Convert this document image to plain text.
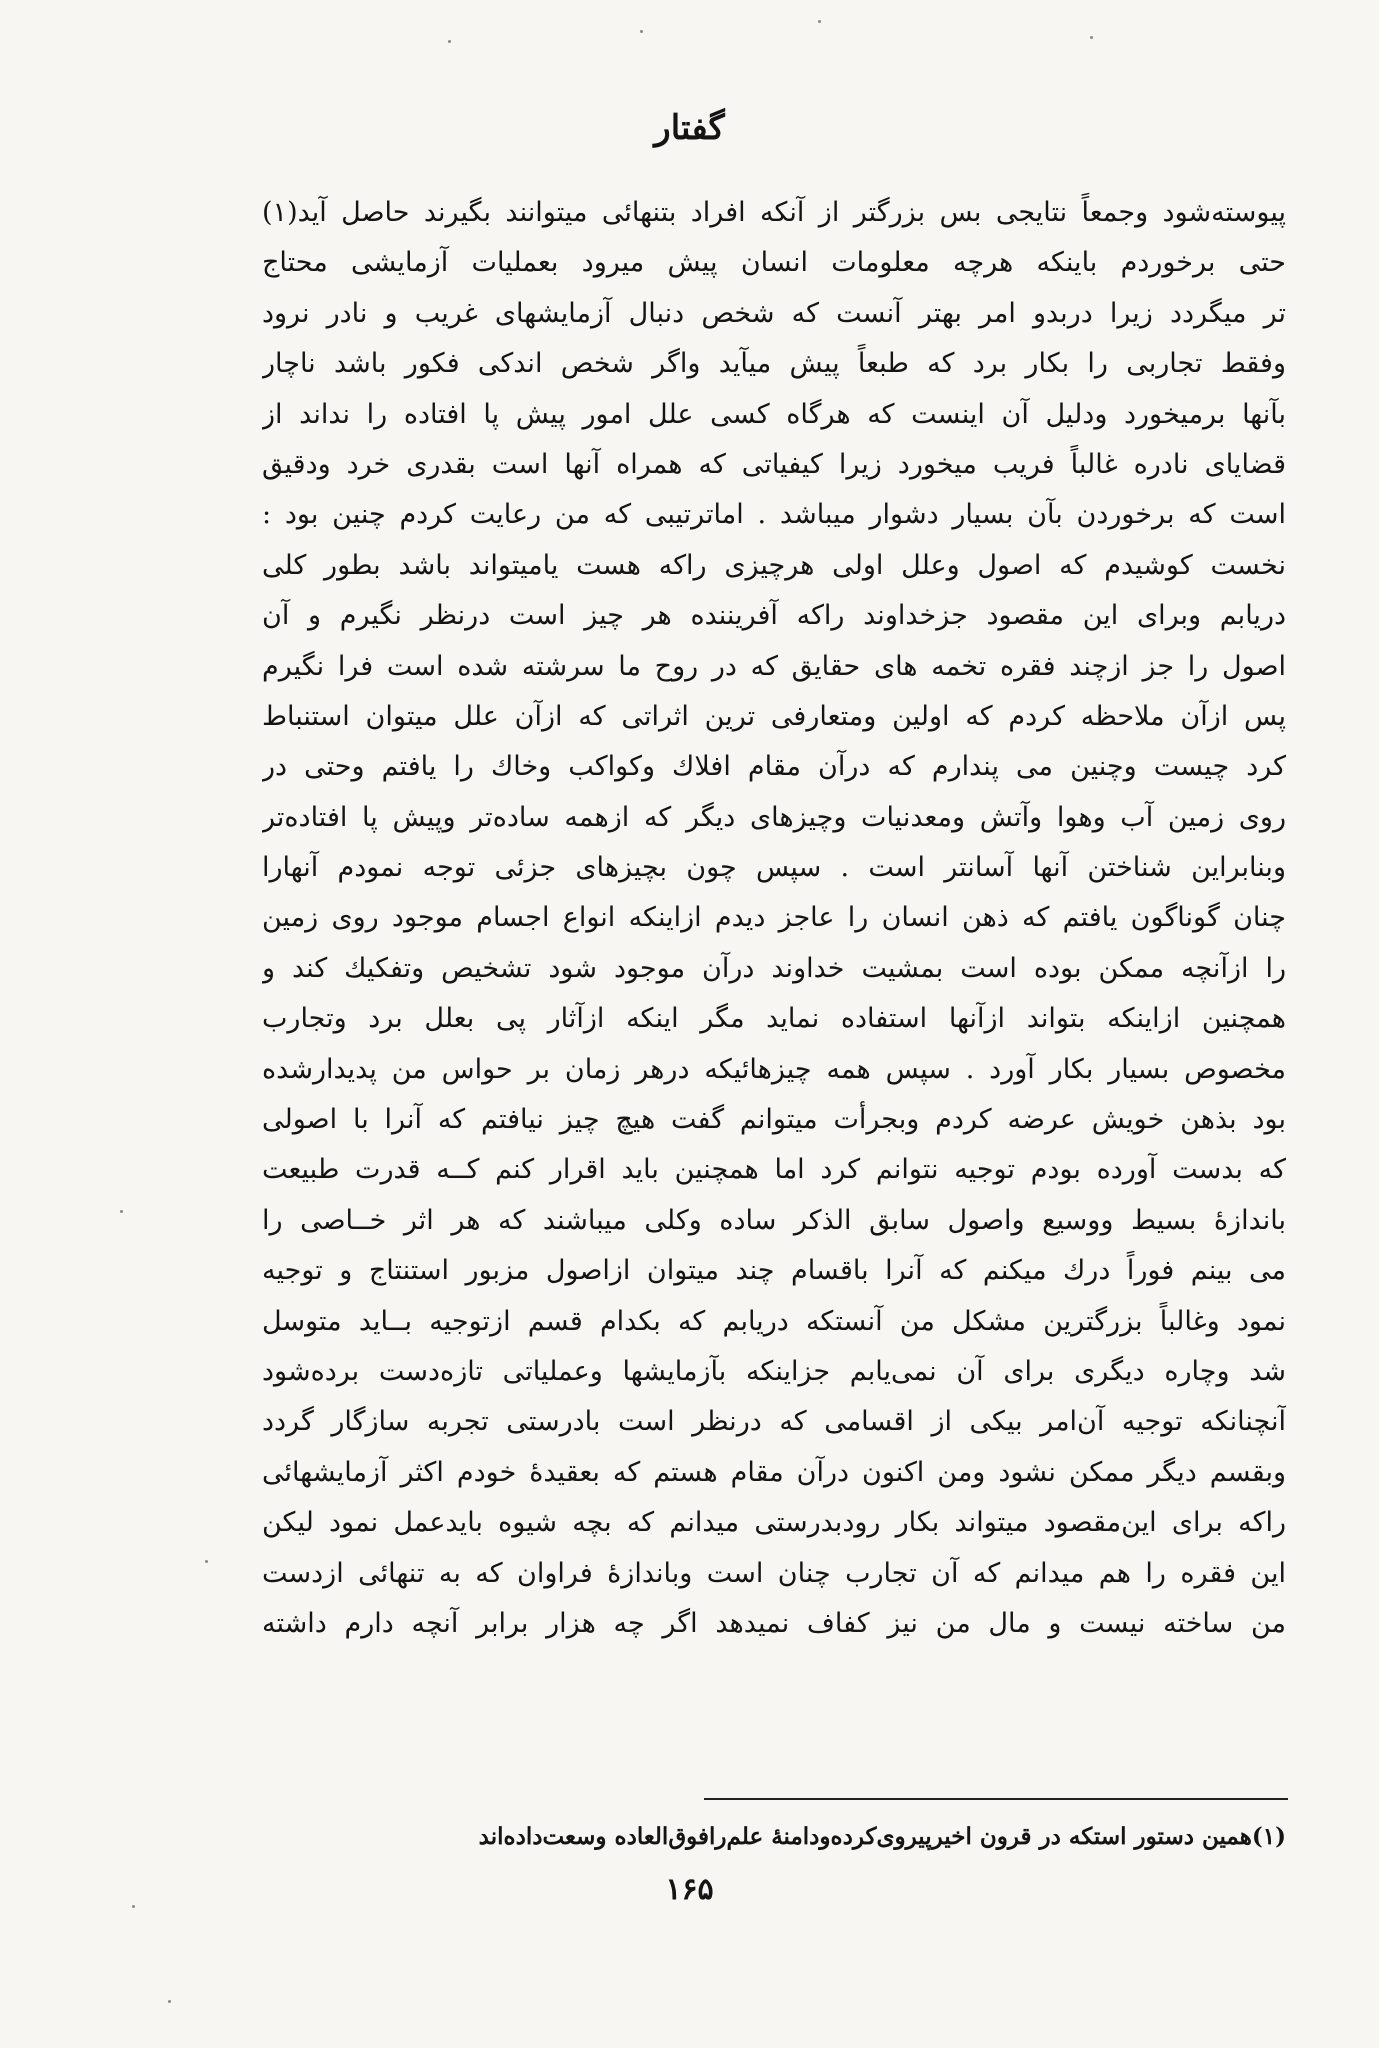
گفتار
پیوسته‌شود وجمعاً نتایجی بس بزرگتر از آنکه افراد بتنهائی میتوانند بگیرند حاصل آید(۱)
حتی برخوردم باینکه هرچه معلومات انسان پیش میرود بعملیات آزمایشی محتاج
تر میگردد زیرا دربدو امر بهتر آنست که شخص دنبال آزمایشهای غریب و نادر نرود
وفقط تجاربی را بکار برد که طبعاً پیش میآید واگر شخص اندکی فکور باشد ناچار
بآنها برمیخورد ودلیل آن اینست که هرگاه کسی علل امور پیش پا افتاده را نداند از
قضایای نادره غالباً فریب میخورد زیرا کیفیاتی که همراه آنها است بقدری خرد ودقیق
است که برخوردن بآن بسیار دشوار میباشد . اماترتیبی که من رعایت کردم چنین بود :
نخست کوشیدم که اصول وعلل اولی هرچیزی راکه هست یامیتواند باشد بطور کلی
دریابم وبرای این مقصود جزخداوند راکه آفریننده هر چیز است درنظر نگیرم و آن
اصول را جز ازچند فقره تخمه های حقایق که در روح ما سرشته شده است فرا نگیرم
پس ازآن ملاحظه کردم که اولین ومتعارفی ترین اثراتی که ازآن علل میتوان استنباط
کرد چیست وچنین می پندارم که درآن مقام افلاك وکواکب وخاك را یافتم وحتی در
روی زمین آب وهوا وآتش ومعدنیات وچیزهای دیگر که ازهمه ساده‌تر وپیش پا افتاده‌تر
وبنابراین شناختن آنها آسانتر است . سپس چون بچیزهای جزئی توجه نمودم آنهارا
چنان گوناگون یافتم که ذهن انسان را عاجز دیدم ازاینکه انواع اجسام موجود روی زمین
را ازآنچه ممکن بوده است بمشیت خداوند درآن موجود شود تشخیص وتفکیك کند و
همچنین ازاینکه بتواند ازآنها استفاده نماید مگر اینکه ازآثار پی بعلل برد وتجارب
مخصوص بسیار بکار آورد . سپس همه چیزهائیکه درهر زمان بر حواس من پدیدارشده
بود بذهن خویش عرضه کردم وبجرأت میتوانم گفت هیچ چیز نیافتم که آنرا با اصولی
که بدست آورده بودم توجیه نتوانم کرد اما همچنین باید اقرار کنم کــه قدرت طبیعت
باندازهٔ بسیط ووسیع واصول سابق الذکر ساده وکلی میباشند که هر اثر خــاصی را
می بینم فوراً درك میکنم که آنرا باقسام چند میتوان ازاصول مزبور استنتاج و توجیه
نمود وغالباً بزرگترین مشکل من آنستکه دریابم که بکدام قسم ازتوجیه بــاید متوسل
شد وچاره دیگری برای آن نمی‌یابم جزاینکه بآزمایشها وعملیاتی تازه‌دست برده‌شود
آنچنانکه توجیه آن‌امر بیکی از اقسامی که درنظر است بادرستی تجربه سازگار گردد
وبقسم دیگر ممکن نشود ومن اکنون درآن مقام هستم که بعقیدهٔ خودم اکثر آزمایشهائی
راکه برای این‌مقصود میتواند بکار رودبدرستی میدانم که بچه شیوه بایدعمل نمود لیکن
این فقره را هم میدانم که آن تجارب چنان است وباندازهٔ فراوان که به تنهائی ازدست
من ساخته نیست و مال من نیز کفاف نمیدهد اگر چه هزار برابر آنچه دارم داشته
(۱)همین دستور استکه در قرون اخیرپیروی‌کرده‌ودامنهٔ علم‌رافوق‌العاده وسعت‌داده‌اند
۱۶۵
